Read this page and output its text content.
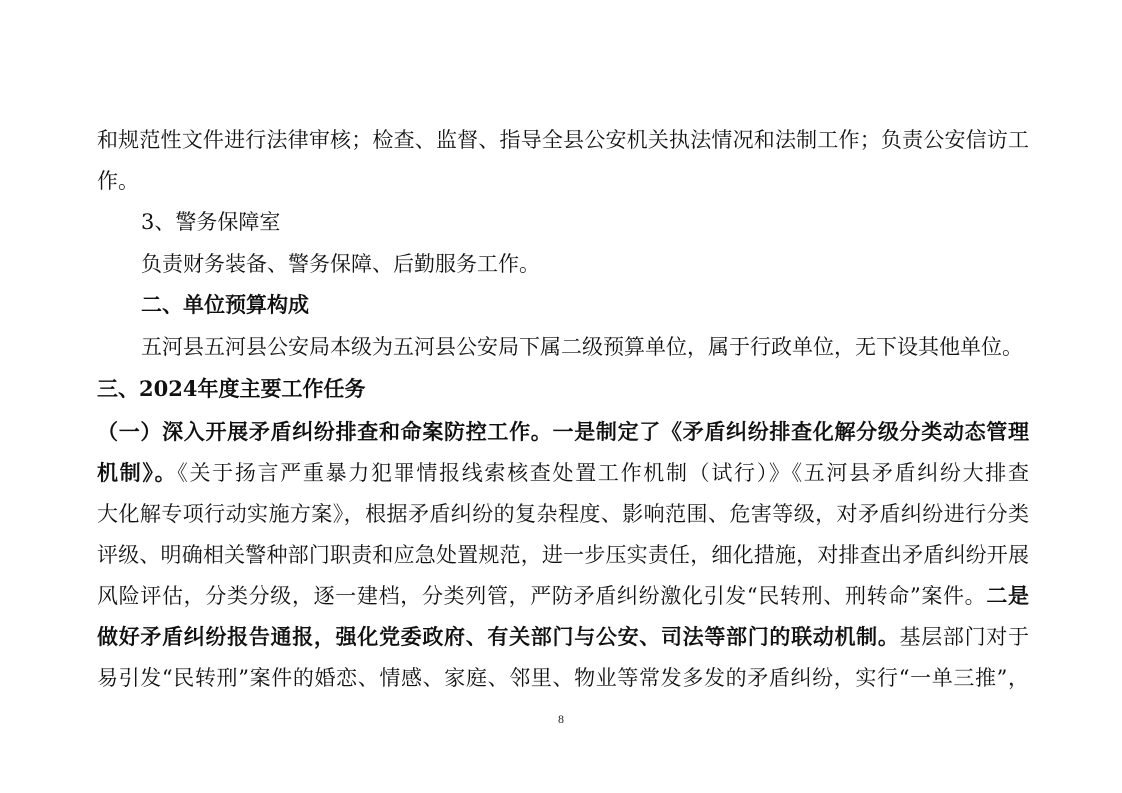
和规范性文件进行法律审核；检查、监督、指导全县公安机关执法情况和法制工作；负责公安信访工
作。
3、警务保障室
负责财务装备、警务保障、后勤服务工作。
二、单位预算构成
五河县五河县公安局本级为五河县公安局下属二级预算单位，属于行政单位，无下设其他单位。
三、2024年度主要工作任务
（一）深入开展矛盾纠纷排查和命案防控工作。一是制定了《矛盾纠纷排查化解分级分类动态管理
机制》。《关于扬言严重暴力犯罪情报线索核查处置工作机制（试行）》《五河县矛盾纠纷大排查
大化解专项行动实施方案》，根据矛盾纠纷的复杂程度、影响范围、危害等级，对矛盾纠纷进行分类
评级、明确相关警种部门职责和应急处置规范，进一步压实责任，细化措施，对排查出矛盾纠纷开展
风险评估，分类分级，逐一建档，分类列管，严防矛盾纠纷激化引发“民转刑、刑转命”案件。二是
做好矛盾纠纷报告通报，强化党委政府、有关部门与公安、司法等部门的联动机制。基层部门对于
易引发“民转刑”案件的婚恋、情感、家庭、邻里、物业等常发多发的矛盾纠纷，实行“一单三推”，
8
